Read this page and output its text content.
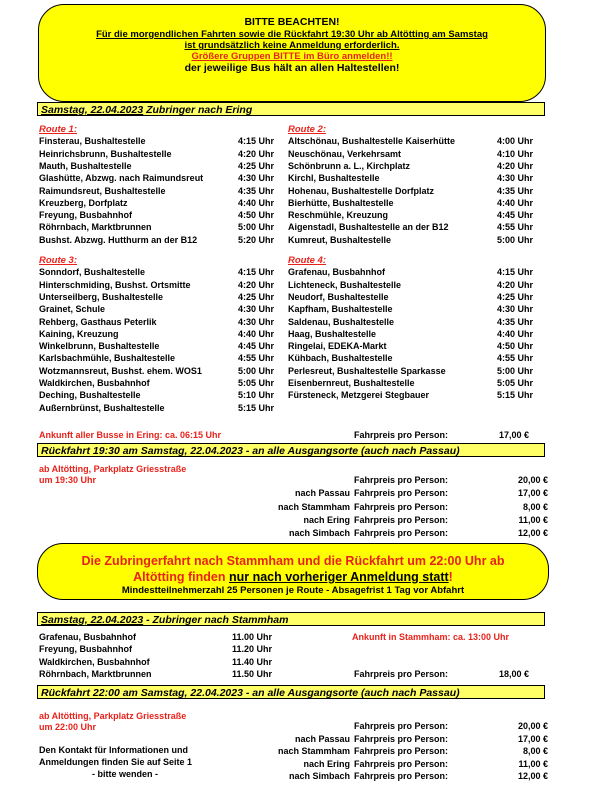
BITTE BEACHTEN!
Für die morgendlichen Fahrten sowie die Rückfahrt 19:30 Uhr ab Altötting am Samstag
ist grundsätzlich keine Anmeldung erforderlich.
Größere Gruppen BITTE im Büro anmelden!!
der jeweilige Bus hält an allen Haltestellen!
Samstag, 22.04.2023 Zubringer nach Ering
Route 1:
Finsterau, Bushaltestelle	4:15 Uhr
Heinrichsbrunn, Bushaltestelle	4:20 Uhr
Mauth, Bushaltestelle	4:25 Uhr
Glashütte, Abzwg. nach Raimundsreut	4:30 Uhr
Raimundsreut, Bushaltestelle	4:35 Uhr
Kreuzberg, Dorfplatz	4:40 Uhr
Freyung, Busbahnhof	4:50 Uhr
Röhrnbach, Marktbrunnen	5:00 Uhr
Bushst. Abzwg. Hutthurm an der B12	5:20 Uhr
Route 2:
Altschönau, Bushaltestelle Kaiserhütte	4:00 Uhr
Neuschönau, Verkehrsamt	4:10 Uhr
Schönbrunn a. L., Kirchplatz	4:20 Uhr
Kirchl, Bushaltestelle	4:30 Uhr
Hohenau, Bushaltestelle Dorfplatz	4:35 Uhr
Bierhütte, Bushaltestelle	4:40 Uhr
Reschmühle, Kreuzung	4:45 Uhr
Aigenstadl, Bushaltestelle an der B12	4:55 Uhr
Kumreut, Bushaltestelle	5:00 Uhr
Route 3:
Sonndorf, Bushaltestelle	4:15 Uhr
Hinterschmiding, Bushst. Ortsmitte	4:20 Uhr
Unterseilberg, Bushaltestelle	4:25 Uhr
Grainet, Schule	4:30 Uhr
Rehberg, Gasthaus Peterlik	4:30 Uhr
Kaining, Kreuzung	4:40 Uhr
Winkelbrunn, Bushaltestelle	4:45 Uhr
Karlsbachmühle, Bushaltestelle	4:55 Uhr
Wotzmannsreut, Bushst. ehem. WOS1	5:00 Uhr
Waldkirchen, Busbahnhof	5:05 Uhr
Deching, Bushaltestelle	5:10 Uhr
Außernbrünst, Bushaltestelle	5:15 Uhr
Route 4:
Grafenau, Busbahnhof	4:15 Uhr
Lichteneck, Bushaltestelle	4:20 Uhr
Neudorf, Bushaltestelle	4:25 Uhr
Kapfham, Bushaltestelle	4:30 Uhr
Saldenau, Bushaltestelle	4:35 Uhr
Haag, Bushaltestelle	4:40 Uhr
Ringelai, EDEKA-Markt	4:50 Uhr
Kühbach, Bushaltestelle	4:55 Uhr
Perlesreut, Bushaltestelle Sparkasse	5:00 Uhr
Eisenbernreut, Bushaltestelle	5:05 Uhr
Fürsteneck, Metzgerei Stegbauer	5:15 Uhr
Ankunft aller Busse in Ering: ca. 06:15 Uhr	Fahrpreis pro Person:	17,00 €
Rückfahrt 19:30 am Samstag, 22.04.2023 - an alle Ausgangsorte (auch nach Passau)
ab Altötting, Parkplatz Griesstraße
um 19:30 Uhr	Fahrpreis pro Person:	20,00 €
nach Passau Fahrpreis pro Person:	17,00 €
nach Stammham Fahrpreis pro Person:	8,00 €
nach Ering Fahrpreis pro Person:	11,00 €
nach Simbach Fahrpreis pro Person:	12,00 €
Die Zubringerfahrt nach Stammham und die Rückfahrt um 22:00 Uhr ab
Altötting finden nur nach vorheriger Anmeldung statt!
Mindestteilnehmerzahl 25 Personen je Route - Absagefrist 1 Tag vor Abfahrt
Samstag, 22.04.2023 - Zubringer nach Stammham
Grafenau, Busbahnhof	11.00 Uhr
Freyung, Busbahnhof	11.20 Uhr
Waldkirchen, Busbahnhof	11.40 Uhr
Röhrnbach, Marktbrunnen	11.50 Uhr
Ankunft in Stammham: ca. 13:00 Uhr
Fahrpreis pro Person:	18,00 €
Rückfahrt 22:00 am Samstag, 22.04.2023 - an alle Ausgangsorte (auch nach Passau)
ab Altötting, Parkplatz Griesstraße
um 22:00 Uhr
Den Kontakt für Informationen und
Anmeldungen finden Sie auf Seite 1
- bitte wenden -
Fahrpreis pro Person:	20,00 €
nach Passau Fahrpreis pro Person:	17,00 €
nach Stammham Fahrpreis pro Person:	8,00 €
nach Ering Fahrpreis pro Person:	11,00 €
nach Simbach Fahrpreis pro Person:	12,00 €
